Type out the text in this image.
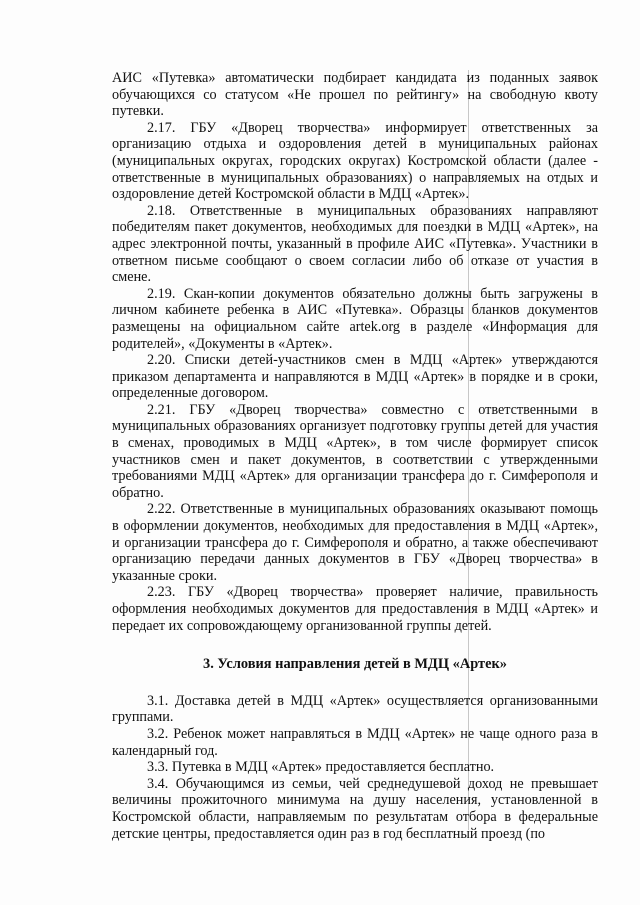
АИС «Путевка» автоматически подбирает кандидата из поданных заявок обучающихся со статусом «Не прошел по рейтингу» на свободную квоту путевки.

2.17. ГБУ «Дворец творчества» информирует ответственных за организацию отдыха и оздоровления детей в муниципальных районах (муниципальных округах, городских округах) Костромской области (далее - ответственные в муниципальных образованиях) о направляемых на отдых и оздоровление детей Костромской области в МДЦ «Артек».

2.18. Ответственные в муниципальных образованиях направляют победителям пакет документов, необходимых для поездки в МДЦ «Артек», на адрес электронной почты, указанный в профиле АИС «Путевка». Участники в ответном письме сообщают о своем согласии либо об отказе от участия в смене.

2.19. Скан-копии документов обязательно должны быть загружены в личном кабинете ребенка в АИС «Путевка». Образцы бланков документов размещены на официальном сайте artek.org в разделе «Информация для родителей», «Документы в «Артек».

2.20. Списки детей-участников смен в МДЦ «Артек» утверждаются приказом департамента и направляются в МДЦ «Артек» в порядке и в сроки, определенные договором.

2.21. ГБУ «Дворец творчества» совместно с ответственными в муниципальных образованиях организует подготовку группы детей для участия в сменах, проводимых в МДЦ «Артек», в том числе формирует список участников смен и пакет документов, в соответствии с утвержденными требованиями МДЦ «Артек» для организации трансфера до г. Симферополя и обратно.

2.22. Ответственные в муниципальных образованиях оказывают помощь в оформлении документов, необходимых для предоставления в МДЦ «Артек», и организации трансфера до г. Симферополя и обратно, а также обеспечивают организацию передачи данных документов в ГБУ «Дворец творчества» в указанные сроки.

2.23. ГБУ «Дворец творчества» проверяет наличие, правильность оформления необходимых документов для предоставления в МДЦ «Артек» и передает их сопровождающему организованной группы детей.

3. Условия направления детей в МДЦ «Артек»

3.1. Доставка детей в МДЦ «Артек» осуществляется организованными группами.

3.2. Ребенок может направляться в МДЦ «Артек» не чаще одного раза в календарный год.

3.3. Путевка в МДЦ «Артек» предоставляется бесплатно.

3.4. Обучающимся из семьи, чей среднедушевой доход не превышает величины прожиточного минимума на душу населения, установленной в Костромской области, направляемым по результатам отбора в федеральные детские центры, предоставляется один раз в год бесплатный проезд (по
